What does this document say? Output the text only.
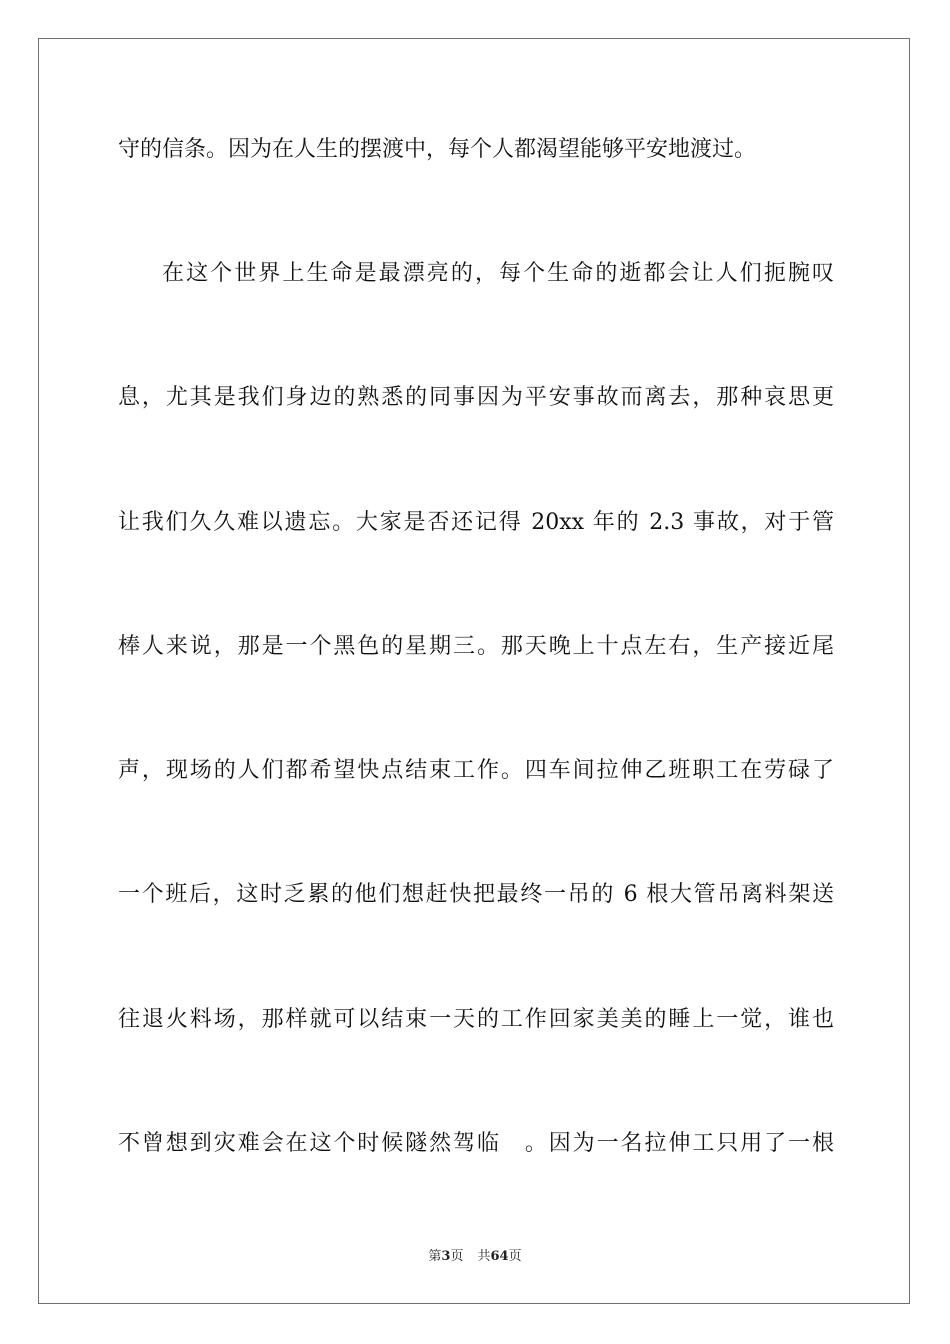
守的信条。因为在人生的摆渡中，每个人都渴望能够平安地渡过。
在这个世界上生命是最漂亮的，每个生命的逝都会让人们扼腕叹
息，尤其是我们身边的熟悉的同事因为平安事故而离去，那种哀思更
让我们久久难以遗忘。大家是否还记得 20xx 年的 2.3 事故，对于管
棒人来说，那是一个黑色的星期三。那天晚上十点左右，生产接近尾
声，现场的人们都希望快点结束工作。四车间拉伸乙班职工在劳碌了
一个班后，这时乏累的他们想赶快把最终一吊的 6 根大管吊离料架送
往退火料场，那样就可以结束一天的工作回家美美的睡上一觉，谁也
不曾想到灾难会在这个时候隧然驾临　。因为一名拉伸工只用了一根
第3页 共64页
